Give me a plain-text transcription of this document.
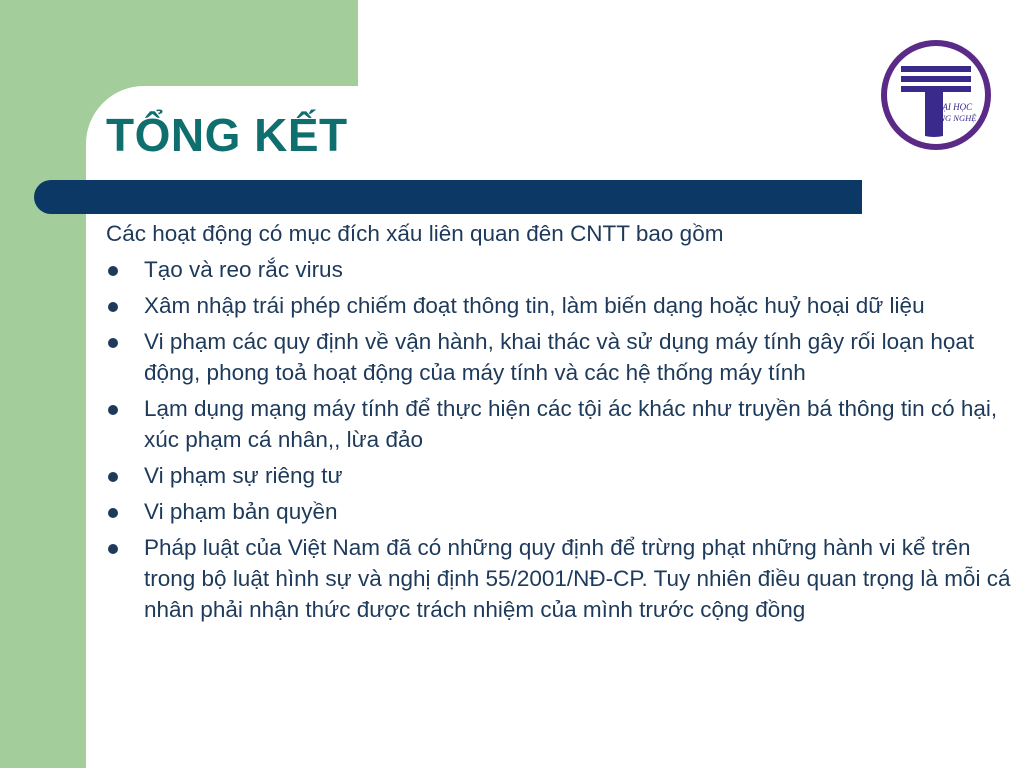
TỔNG KẾT
ĐẠI HỌC
CÔNG NGHỆ

Các hoạt động có mục đích xấu liên quan đên CNTT bao gồm

Tạo và reo rắc virus
Xâm nhập trái phép chiếm đoạt thông tin, làm biến dạng hoặc huỷ hoại dữ liệu
Vi phạm các quy định về vận hành, khai thác và sử dụng máy tính gây rối loạn họat động, phong toả hoạt động của máy tính và các hệ thống máy tính
Lạm dụng mạng máy tính để thực hiện các tội ác khác như truyền bá thông tin có hại, xúc phạm cá nhân,, lừa đảo
Vi phạm sự riêng tư
Vi phạm bản quyền
Pháp luật của Việt Nam đã có những quy định để trừng phạt những hành vi kể trên trong bộ luật hình sự và nghị định 55/2001/NĐ-CP. Tuy nhiên điều quan trọng là mỗi cá nhân phải nhận thức được trách nhiệm của mình trước cộng đồng
